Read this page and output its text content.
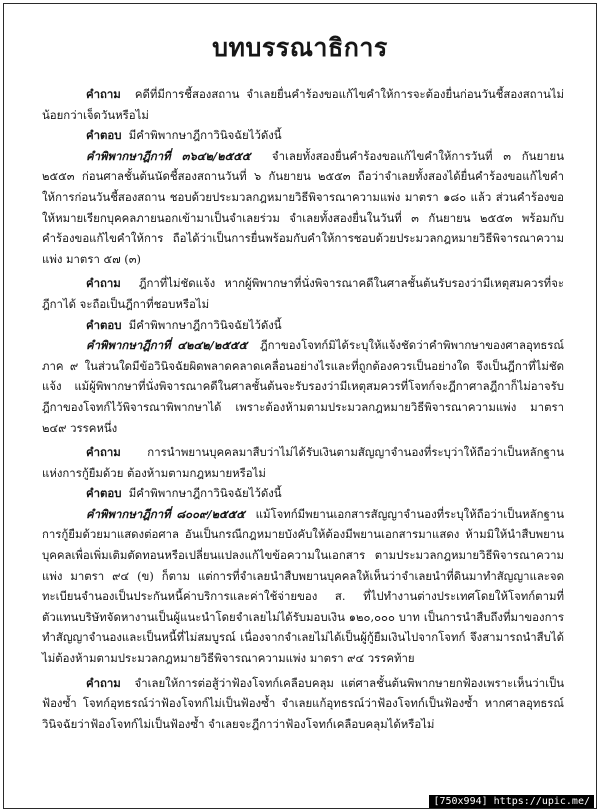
บทบรรณาธิการ

คำถาม คดีที่มีการชี้สองสถาน จำเลยยื่นคำร้องขอแก้ไขคำให้การจะต้องยื่นก่อนวันชี้สองสถานไม่น้อยกว่าเจ็ดวันหรือไม่

คำตอบ มีคำพิพากษาฎีกาวินิจฉัยไว้ดังนี้

คำพิพากษาฎีกาที่ ๓๖๔๒/๒๕๕๕ จำเลยทั้งสองยื่นคำร้องขอแก้ไขคำให้การวันที่ ๓ กันยายน ๒๕๕๓ ก่อนศาลชั้นต้นนัดชี้สองสถานวันที่ ๖ กันยายน ๒๕๕๓ ถือว่าจำเลยทั้งสองได้ยื่นคำร้องขอแก้ไขคำให้การก่อนวันชี้สองสถาน ชอบด้วยประมวลกฎหมายวิธีพิจารณาความแพ่ง มาตรา ๑๘๐ แล้ว ส่วนคำร้องขอให้หมายเรียกบุคคลภายนอกเข้ามาเป็นจำเลยร่วม จำเลยทั้งสองยื่นในวันที่ ๓ กันยายน ๒๕๕๓ พร้อมกับคำร้องขอแก้ไขคำให้การ ถือได้ว่าเป็นการยื่นพร้อมกับคำให้การชอบด้วยประมวลกฎหมายวิธีพิจารณาความแพ่ง มาตรา ๕๗ (๓)

คำถาม ฎีกาที่ไม่ชัดแจ้ง หากผู้พิพากษาที่นั่งพิจารณาคดีในศาลชั้นต้นรับรองว่ามีเหตุสมควรที่จะฎีกาได้ จะถือเป็นฎีกาที่ชอบหรือไม่

คำตอบ มีคำพิพากษาฎีกาวินิจฉัยไว้ดังนี้

คำพิพากษาฎีกาที่ ๔๒๔๒/๒๕๕๕ ฎีกาของโจทก์มิได้ระบุให้แจ้งชัดว่าคำพิพากษาของศาลอุทธรณ์ภาค ๙ ในส่วนใดมีข้อวินิจฉัยผิดพลาดคลาดเคลื่อนอย่างไรและที่ถูกต้องควรเป็นอย่างใด จึงเป็นฎีกาที่ไม่ชัดแจ้ง แม้ผู้พิพากษาที่นั่งพิจารณาคดีในศาลชั้นต้นจะรับรองว่ามีเหตุสมควรที่โจทก์จะฎีกาศาลฎีกาก็ไม่อาจรับฎีกาของโจทก์ไว้พิจารณาพิพากษาได้ เพราะต้องห้ามตามประมวลกฎหมายวิธีพิจารณาความแพ่ง มาตรา ๒๔๙ วรรคหนึ่ง

คำถาม การนำพยานบุคคลมาสืบว่าไม่ได้รับเงินตามสัญญาจำนองที่ระบุว่าให้ถือว่าเป็นหลักฐานแห่งการกู้ยืมด้วย ต้องห้ามตามกฎหมายหรือไม่

คำตอบ มีคำพิพากษาฎีกาวินิจฉัยไว้ดังนี้

คำพิพากษาฎีกาที่ ๘๐๐๙/๒๕๕๕ แม้โจทก์มีพยานเอกสารสัญญาจำนองที่ระบุให้ถือว่าเป็นหลักฐานการกู้ยืมด้วยมาแสดงต่อศาล อันเป็นกรณีกฎหมายบังคับให้ต้องมีพยานเอกสารมาแสดง ห้ามมิให้นำสืบพยานบุคคลเพื่อเพิ่มเติมตัดทอนหรือเปลี่ยนแปลงแก้ไขข้อความในเอกสาร ตามประมวลกฎหมายวิธีพิจารณาความแพ่ง มาตรา ๙๔ (ข) ก็ตาม แต่การที่จำเลยนำสืบพยานบุคคลให้เห็นว่าจำเลยนำที่ดินมาทำสัญญาและจดทะเบียนจำนองเป็นประกันหนี้ค่าบริการและค่าใช้จ่ายของ ส. ที่ไปทำงานต่างประเทศโดยให้โจทก์ตามที่ตัวแทนบริษัทจัดหางานเป็นผู้แนะนำโดยจำเลยไม่ได้รับมอบเงิน ๑๒๐,๐๐๐ บาท เป็นการนำสืบถึงที่มาของการทำสัญญาจำนองและเป็นหนี้ที่ไม่สมบูรณ์ เนื่องจากจำเลยไม่ได้เป็นผู้กู้ยืมเงินไปจากโจทก์ จึงสามารถนำสืบได้ไม่ต้องห้ามตามประมวลกฎหมายวิธีพิจารณาความแพ่ง มาตรา ๙๔ วรรคท้าย

คำถาม จำเลยให้การต่อสู้ว่าฟ้องโจทก์เคลือบคลุม แต่ศาลชั้นต้นพิพากษายกฟ้องเพราะเห็นว่าเป็นฟ้องซ้ำ โจทก์อุทธรณ์ว่าฟ้องโจทก์ไม่เป็นฟ้องซ้ำ จำเลยแก้อุทธรณ์ว่าฟ้องโจทก์เป็นฟ้องซ้ำ หากศาลอุทธรณ์วินิจฉัยว่าฟ้องโจทก์ไม่เป็นฟ้องซ้ำ จำเลยจะฎีกาว่าฟ้องโจทก์เคลือบคลุมได้หรือไม่

[750x994] https://upic.me/
